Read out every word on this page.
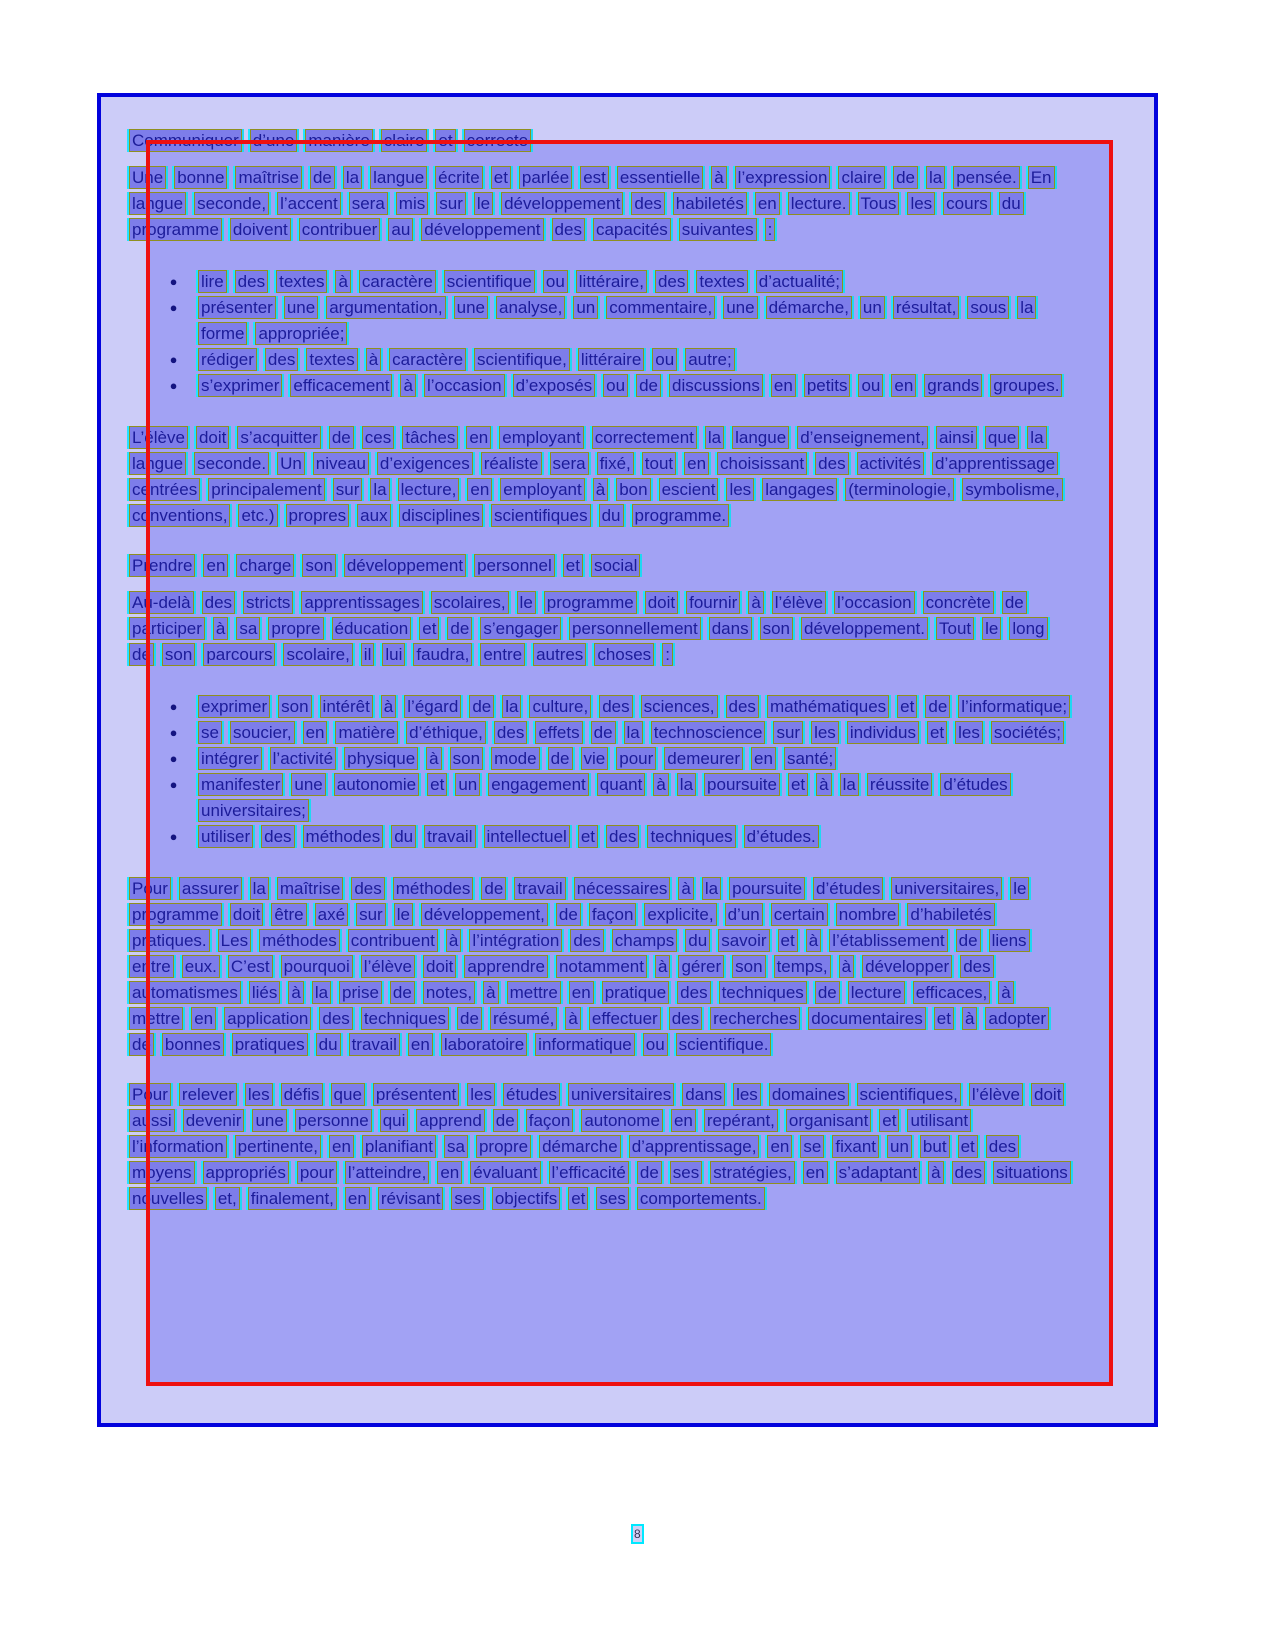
Communiquer d’une manière claire et correcte
Une bonne maîtrise de la langue écrite et parlée est essentielle à l’expression claire de la pensée. Enlangue seconde, l’accent sera mis sur le développement des habiletés en lecture. Tous les cours duprogramme doivent contribuer au développement des capacités suivantes :
● lire des textes à caractère scientifique ou littéraire, des textes d’actualité;
● présenter une argumentation, une analyse, un commentaire, une démarche, un résultat, sous laforme appropriée;
● rédiger des textes à caractère scientifique, littéraire ou autre;
● s’exprimer efficacement à l’occasion d’exposés ou de discussions en petits ou en grands groupes.
L’élève doit s’acquitter de ces tâches en employant correctement la langue d’enseignement, ainsi que lalangue seconde. Un niveau d’exigences réaliste sera fixé, tout en choisissant des activités d’apprentissagecentrées principalement sur la lecture, en employant à bon escient les langages (terminologie, symbolisme,conventions, etc.) propres aux disciplines scientifiques du programme.
Prendre en charge son développement personnel et social
Au-delà des stricts apprentissages scolaires, le programme doit fournir à l’élève l’occasion concrète departiciper à sa propre éducation et de s’engager personnellement dans son développement. Tout le longde son parcours scolaire, il lui faudra, entre autres choses :
● exprimer son intérêt à l’égard de la culture, des sciences, des mathématiques et de l’informatique;
● se soucier, en matière d’éthique, des effets de la technoscience sur les individus et les sociétés;
● intégrer l’activité physique à son mode de vie pour demeurer en santé;
● manifester une autonomie et un engagement quant à la poursuite et à la réussite d’étudesuniversitaires;
● utiliser des méthodes du travail intellectuel et des techniques d’études.
Pour assurer la maîtrise des méthodes de travail nécessaires à la poursuite d’études universitaires, leprogramme doit être axé sur le développement, de façon explicite, d’un certain nombre d’habiletéspratiques. Les méthodes contribuent à l’intégration des champs du savoir et à l’établissement de liensentre eux. C’est pourquoi l’élève doit apprendre notamment à gérer son temps, à développer desautomatismes liés à la prise de notes, à mettre en pratique des techniques de lecture efficaces, àmettre en application des techniques de résumé, à effectuer des recherches documentaires et à adopterde bonnes pratiques du travail en laboratoire informatique ou scientifique.
Pour relever les défis que présentent les études universitaires dans les domaines scientifiques, l’élève doitaussi devenir une personne qui apprend de façon autonome en repérant, organisant et utilisantl’information pertinente, en planifiant sa propre démarche d’apprentissage, en se fixant un but et desmoyens appropriés pour l’atteindre, en évaluant l’efficacité de ses stratégies, en s’adaptant à des situationsnouvelles et, finalement, en révisant ses objectifs et ses comportements.
8
